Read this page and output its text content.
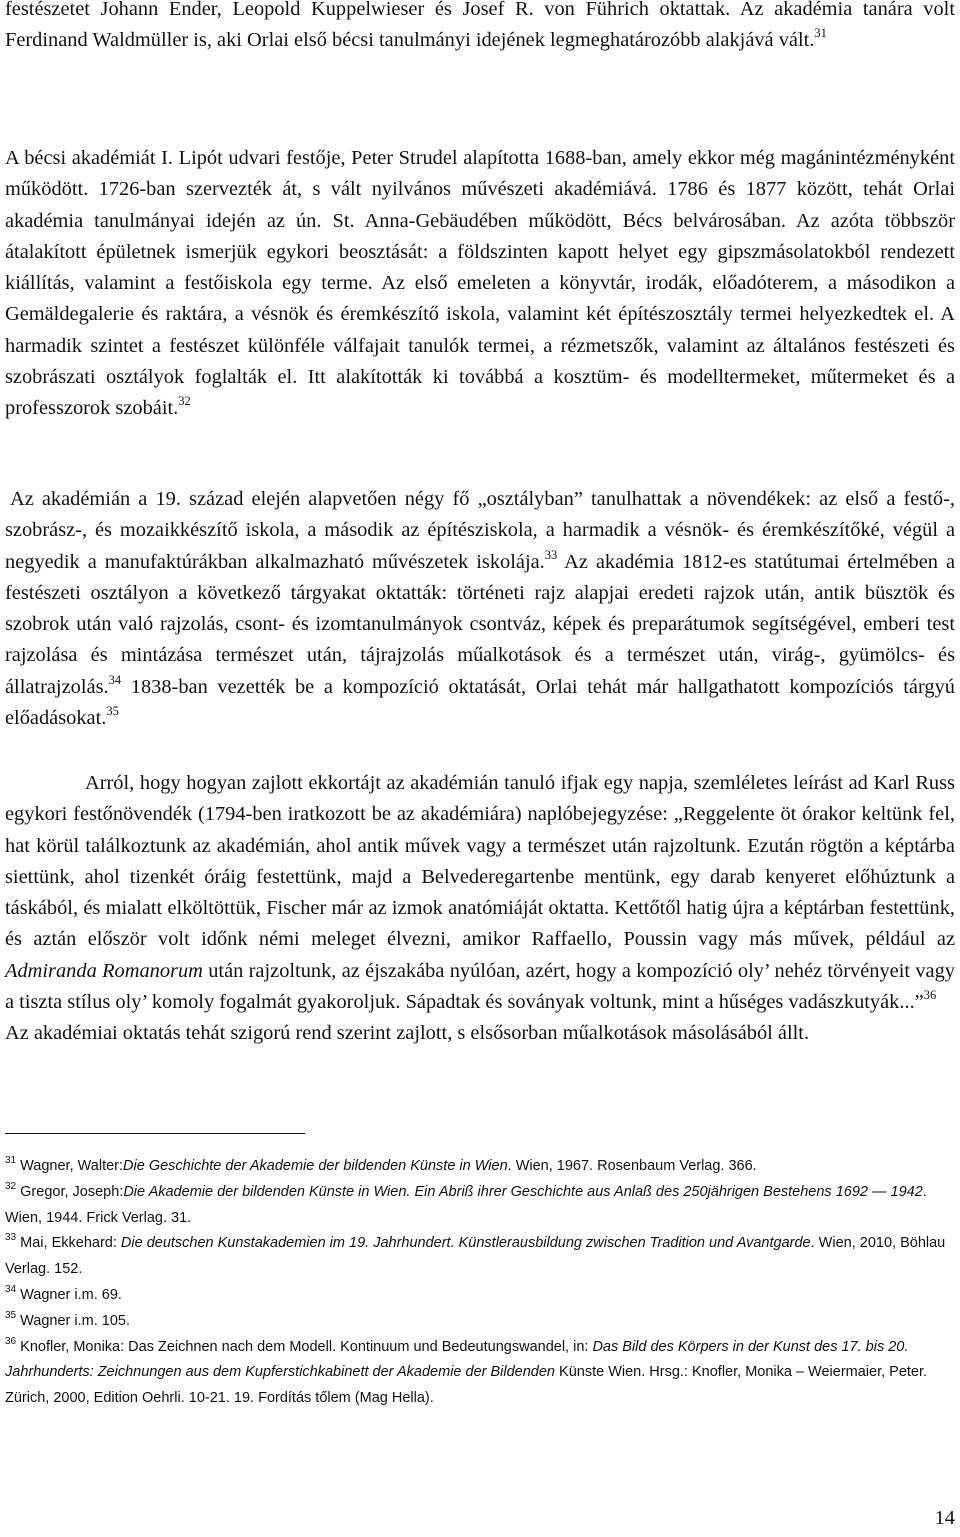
festészetet Johann Ender, Leopold Kuppelwieser és Josef R. von Führich oktattak. Az akadémia tanára volt Ferdinand Waldmüller is, aki Orlai első bécsi tanulmányi idejének legmeghatározóbb alakjává vált.$^{31}$

A bécsi akadémiát I. Lipót udvari festője, Peter Strudel alapította 1688-ban, amely ekkor még magánintézményként működött. 1726-ban szervezték át, s vált nyilvános művészeti akadémiává. 1786 és 1877 között, tehát Orlai akadémia tanulmányai idején az ún. St. Anna-Gebäudében működött, Bécs belvárosában. Az azóta többször átalakított épületnek ismerjük egykori beosztását: a földszinten kapott helyet egy gipszmásolatokból rendezett kiállítás, valamint a festőiskola egy terme. Az első emeleten a könyvtár, irodák, előadóterem, a másodikon a Gemäldegalerie és raktára, a vésnök és éremkészítő iskola, valamint két építészosztály termei helyezkedtek el. A harmadik szintet a festészet különféle válfajait tanulók termei, a rézmetszők, valamint az általános festészeti és szobrászati osztályok foglalták el. Itt alakították ki továbbá a kosztüm- és modelltermeket, műtermeket és a professzorok szobáit.$^{32}$

Az akadémián a 19. század elején alapvetően négy fő „osztályban” tanulhattak a növendékek: az első a festő-, szobrász-, és mozaikkészítő iskola, a második az építésziskola, a harmadik a vésnök- és éremkészítőké, végül a negyedik a manufaktúrákban alkalmazható művészetek iskolája.$^{33}$ Az akadémia 1812-es statútumai értelmében a festészeti osztályon a következő tárgyakat oktatták: történeti rajz alapjai eredeti rajzok után, antik büsztök és szobrok után való rajzolás, csont- és izomtanulmányok csontváz, képek és preparátumok segítségével, emberi test rajzolása és mintázása természet után, tájrajzolás műalkotások és a természet után, virág-, gyümölcs- és állatrajzolás.$^{34}$ 1838-ban vezették be a kompozíció oktatását, Orlai tehát már hallgathatott kompozíciós tárgyú előadásokat.$^{35}$

Arról, hogy hogyan zajlott ekkortájt az akadémián tanuló ifjak egy napja, szemléletes leírást ad Karl Russ egykori festőnövendék (1794-ben iratkozott be az akadémiára) naplóbejegyzése: „Reggelente öt órakor keltünk fel, hat körül találkoztunk az akadémián, ahol antik művek vagy a természet után rajzoltunk. Ezután rögtön a képtárba siettünk, ahol tizenkét óráig festettünk, majd a Belvederegartenbe mentünk, egy darab kenyeret előhúztunk a táskából, és mialatt elköltöttük, Fischer már az izmok anatómiáját oktatta. Kettőtől hatig újra a képtárban festettünk, és aztán először volt időnk némi meleget élvezni, amikor Raffaello, Poussin vagy más művek, például az Admiranda Romanorum után rajzoltunk, az éjszakába nyúlóan, azért, hogy a kompozíció oly’ nehéz törvényeit vagy a tiszta stílus oly’ komoly fogalmát gyakoroljuk. Sápadtak és soványak voltunk, mint a hűséges vadászkutyák...”$^{36}$
Az akadémiai oktatás tehát szigorú rend szerint zajlott, s elsősorban műalkotások másolásából állt.

$^{31}$ Wagner, Walter:Die Geschichte der Akademie der bildenden Künste in Wien. Wien, 1967. Rosenbaum Verlag. 366.

$^{32}$ Gregor, Joseph:Die Akademie der bildenden Künste in Wien. Ein Abriß ihrer Geschichte aus Anlaß des 250jährigen Bestehens 1692 — 1942. Wien, 1944. Frick Verlag. 31.

$^{33}$ Mai, Ekkehard: Die deutschen Kunstakademien im 19. Jahrhundert. Künstlerausbildung zwischen Tradition und Avantgarde. Wien, 2010, Böhlau Verlag. 152.

$^{34}$ Wagner i.m. 69.

$^{35}$ Wagner i.m. 105.

$^{36}$ Knofler, Monika: Das Zeichnen nach dem Modell. Kontinuum und Bedeutungswandel, in: Das Bild des Körpers in der Kunst des 17. bis 20. Jahrhunderts: Zeichnungen aus dem Kupferstichkabinett der Akademie der Bildenden Künste Wien. Hrsg.: Knofler, Monika – Weiermaier, Peter. Zürich, 2000, Edition Oehrli. 10-21. 19. Fordítás tőlem (Mag Hella).

14
